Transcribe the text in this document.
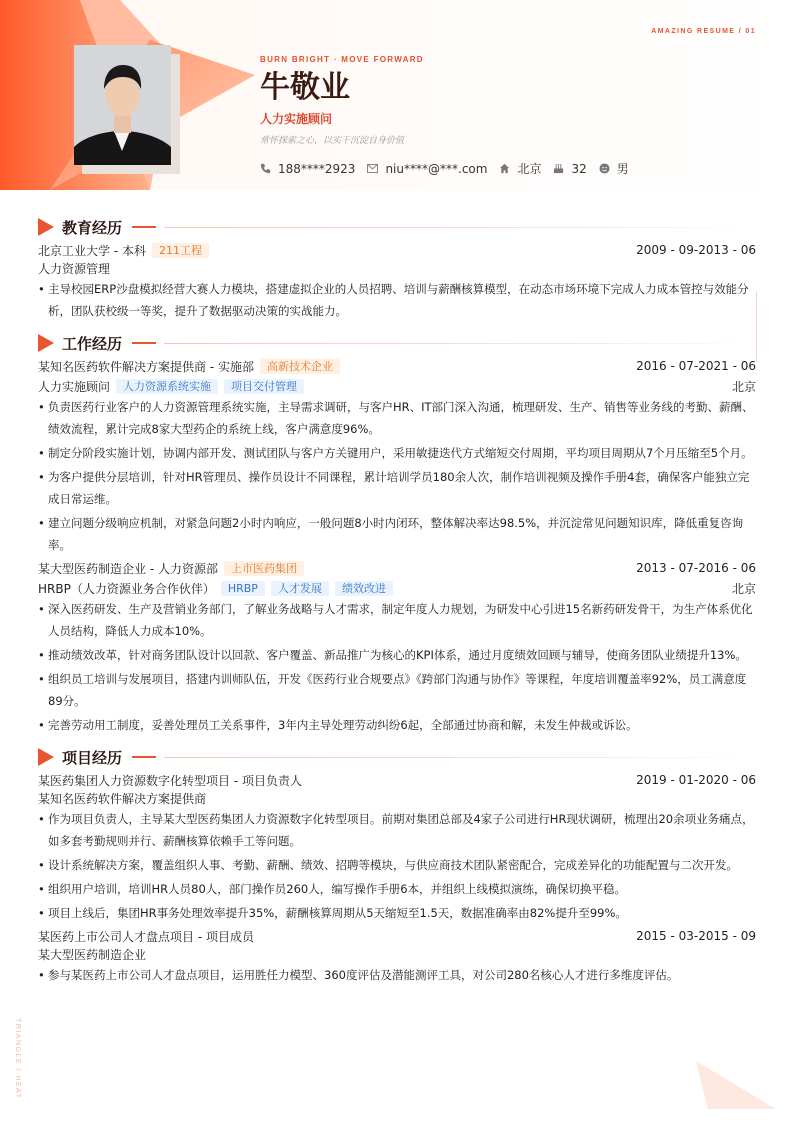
AMAZING RESUME / 01
BURN BRIGHT · MOVE FORWARD
牛敬业
人力实施顾问
常怀探索之心，以实干沉淀自身价值
188****2923	niu****@***.com	北京	32	男
TRIANGLE / HEAT
教育经历
北京工业大学 - 本科	211工程	2009 - 09-2013 - 06
人力资源管理
• 主导校园ERP沙盘模拟经营大赛人力模块，搭建虚拟企业的人员招聘、培训与薪酬核算模型，在动态市场环境下完成人力成本管控与效能分析，团队获校级一等奖，提升了数据驱动决策的实战能力。
工作经历
某知名医药软件解决方案提供商 - 实施部	高新技术企业	2016 - 07-2021 - 06
人力实施顾问	人力资源系统实施	项目交付管理	北京
• 负责医药行业客户的人力资源管理系统实施，主导需求调研，与客户HR、IT部门深入沟通，梳理研发、生产、销售等业务线的考勤、薪酬、绩效流程，累计完成8家大型药企的系统上线，客户满意度96%。
• 制定分阶段实施计划，协调内部开发、测试团队与客户方关键用户，采用敏捷迭代方式缩短交付周期，平均项目周期从7个月压缩至5个月。
• 为客户提供分层培训，针对HR管理员、操作员设计不同课程，累计培训学员180余人次，制作培训视频及操作手册4套，确保客户能独立完成日常运维。
• 建立问题分级响应机制，对紧急问题2小时内响应，一般问题8小时内闭环，整体解决率达98.5%，并沉淀常见问题知识库，降低重复咨询率。
某大型医药制造企业 - 人力资源部	上市医药集团	2013 - 07-2016 - 06
HRBP（人力资源业务合作伙伴）	HRBP	人才发展	绩效改进	北京
• 深入医药研发、生产及营销业务部门，了解业务战略与人才需求，制定年度人力规划，为研发中心引进15名新药研发骨干，为生产体系优化人员结构，降低人力成本10%。
• 推动绩效改革，针对商务团队设计以回款、客户覆盖、新品推广为核心的KPI体系，通过月度绩效回顾与辅导，使商务团队业绩提升13%。
• 组织员工培训与发展项目，搭建内训师队伍，开发《医药行业合规要点》《跨部门沟通与协作》等课程，年度培训覆盖率92%，员工满意度89分。
• 完善劳动用工制度，妥善处理员工关系事件，3年内主导处理劳动纠纷6起，全部通过协商和解，未发生仲裁或诉讼。
项目经历
某医药集团人力资源数字化转型项目 - 项目负责人	2019 - 01-2020 - 06
某知名医药软件解决方案提供商
• 作为项目负责人，主导某大型医药集团人力资源数字化转型项目。前期对集团总部及4家子公司进行HR现状调研，梳理出20余项业务痛点，如多套考勤规则并行、薪酬核算依赖手工等问题。
• 设计系统解决方案，覆盖组织人事、考勤、薪酬、绩效、招聘等模块，与供应商技术团队紧密配合，完成差异化的功能配置与二次开发。
• 组织用户培训，培训HR人员80人，部门操作员260人，编写操作手册6本，并组织上线模拟演练，确保切换平稳。
• 项目上线后，集团HR事务处理效率提升35%，薪酬核算周期从5天缩短至1.5天，数据准确率由82%提升至99%。
某医药上市公司人才盘点项目 - 项目成员	2015 - 03-2015 - 09
某大型医药制造企业
• 参与某医药上市公司人才盘点项目，运用胜任力模型、360度评估及潜能测评工具，对公司280名核心人才进行多维度评估。
